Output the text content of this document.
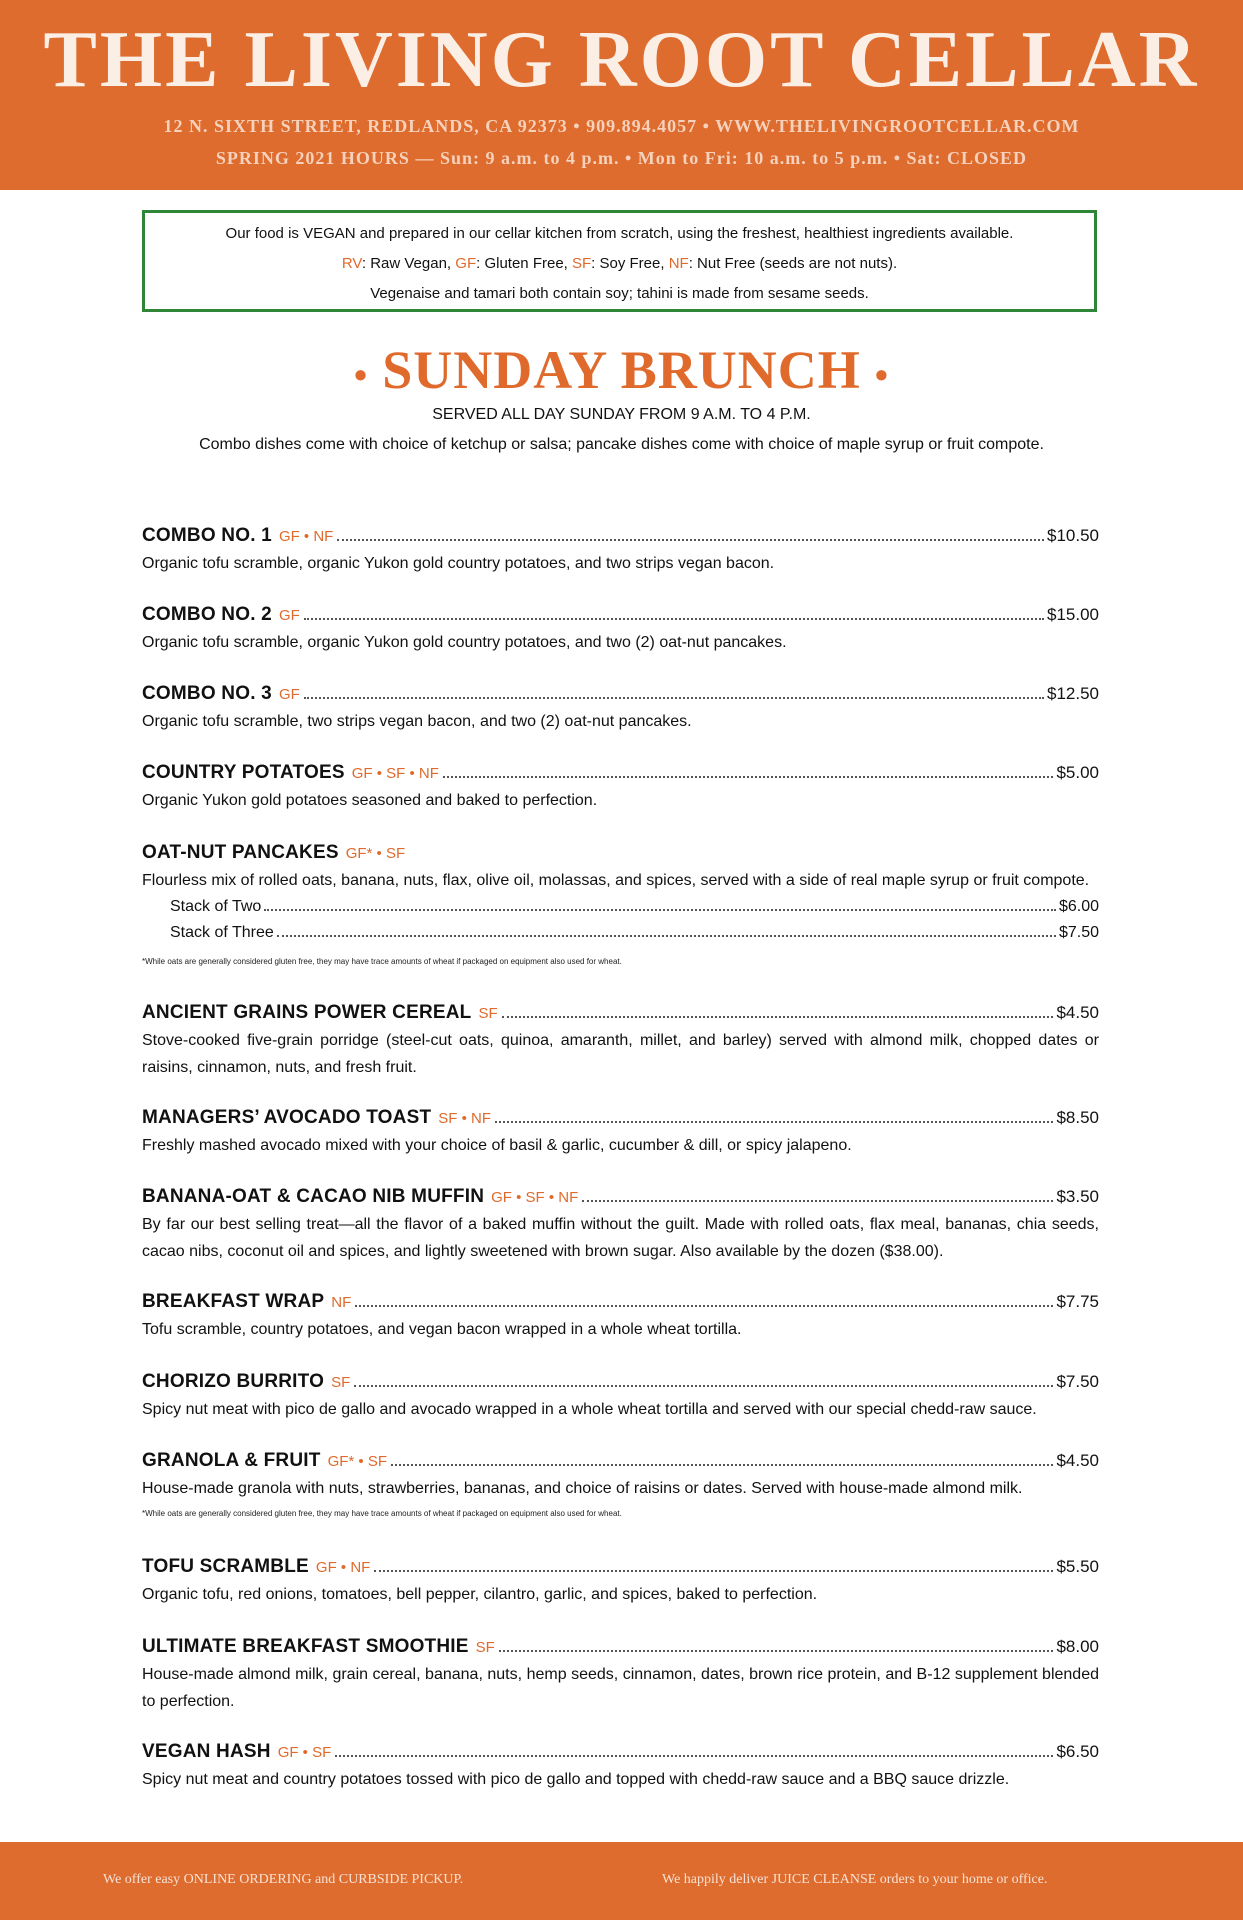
THE LIVING ROOT CELLAR
12 N. SIXTH STREET, REDLANDS, CA 92373 • 909.894.4057 • WWW.THELIVINGROOTCELLAR.COM
SPRING 2021 HOURS — Sun: 9 a.m. to 4 p.m. • Mon to Fri: 10 a.m. to 5 p.m. • Sat: CLOSED
Our food is VEGAN and prepared in our cellar kitchen from scratch, using the freshest, healthiest ingredients available.
RV: Raw Vegan, GF: Gluten Free, SF: Soy Free, NF: Nut Free (seeds are not nuts).
Vegenaise and tamari both contain soy; tahini is made from sesame seeds.
• SUNDAY BRUNCH •
SERVED ALL DAY SUNDAY FROM 9 A.M. TO 4 P.M.
Combo dishes come with choice of ketchup or salsa; pancake dishes come with choice of maple syrup or fruit compote.
COMBO NO. 1 GF • NF	$10.50
Organic tofu scramble, organic Yukon gold country potatoes, and two strips vegan bacon.
COMBO NO. 2 GF	$15.00
Organic tofu scramble, organic Yukon gold country potatoes, and two (2) oat-nut pancakes.
COMBO NO. 3 GF	$12.50
Organic tofu scramble, two strips vegan bacon, and two (2) oat-nut pancakes.
COUNTRY POTATOES GF • SF • NF	$5.00
Organic Yukon gold potatoes seasoned and baked to perfection.
OAT-NUT PANCAKES GF* • SF
Flourless mix of rolled oats, banana, nuts, flax, olive oil, molassas, and spices, served with a side of real maple syrup or fruit compote.
Stack of Two	$6.00
Stack of Three	$7.50
*While oats are generally considered gluten free, they may have trace amounts of wheat if packaged on equipment also used for wheat.
ANCIENT GRAINS POWER CEREAL SF	$4.50
Stove-cooked five-grain porridge (steel-cut oats, quinoa, amaranth, millet, and barley) served with almond milk, chopped dates or raisins, cinnamon, nuts, and fresh fruit.
MANAGERS’ AVOCADO TOAST SF • NF	$8.50
Freshly mashed avocado mixed with your choice of basil & garlic, cucumber & dill, or spicy jalapeno.
BANANA-OAT & CACAO NIB MUFFIN GF • SF • NF	$3.50
By far our best selling treat—all the flavor of a baked muffin without the guilt. Made with rolled oats, flax meal, bananas, chia seeds, cacao nibs, coconut oil and spices, and lightly sweetened with brown sugar. Also available by the dozen ($38.00).
BREAKFAST WRAP NF	$7.75
Tofu scramble, country potatoes, and vegan bacon wrapped in a whole wheat tortilla.
CHORIZO BURRITO SF	$7.50
Spicy nut meat with pico de gallo and avocado wrapped in a whole wheat tortilla and served with our special chedd-raw sauce.
GRANOLA & FRUIT GF* • SF	$4.50
House-made granola with nuts, strawberries, bananas, and choice of raisins or dates. Served with house-made almond milk.
*While oats are generally considered gluten free, they may have trace amounts of wheat if packaged on equipment also used for wheat.
TOFU SCRAMBLE GF • NF	$5.50
Organic tofu, red onions, tomatoes, bell pepper, cilantro, garlic, and spices, baked to perfection.
ULTIMATE BREAKFAST SMOOTHIE SF	$8.00
House-made almond milk, grain cereal, banana, nuts, hemp seeds, cinnamon, dates, brown rice protein, and B-12 supplement blended to perfection.
VEGAN HASH GF • SF	$6.50
Spicy nut meat and country potatoes tossed with pico de gallo and topped with chedd-raw sauce and a BBQ sauce drizzle.
We offer easy ONLINE ORDERING and CURBSIDE PICKUP.	We happily deliver JUICE CLEANSE orders to your home or office.
